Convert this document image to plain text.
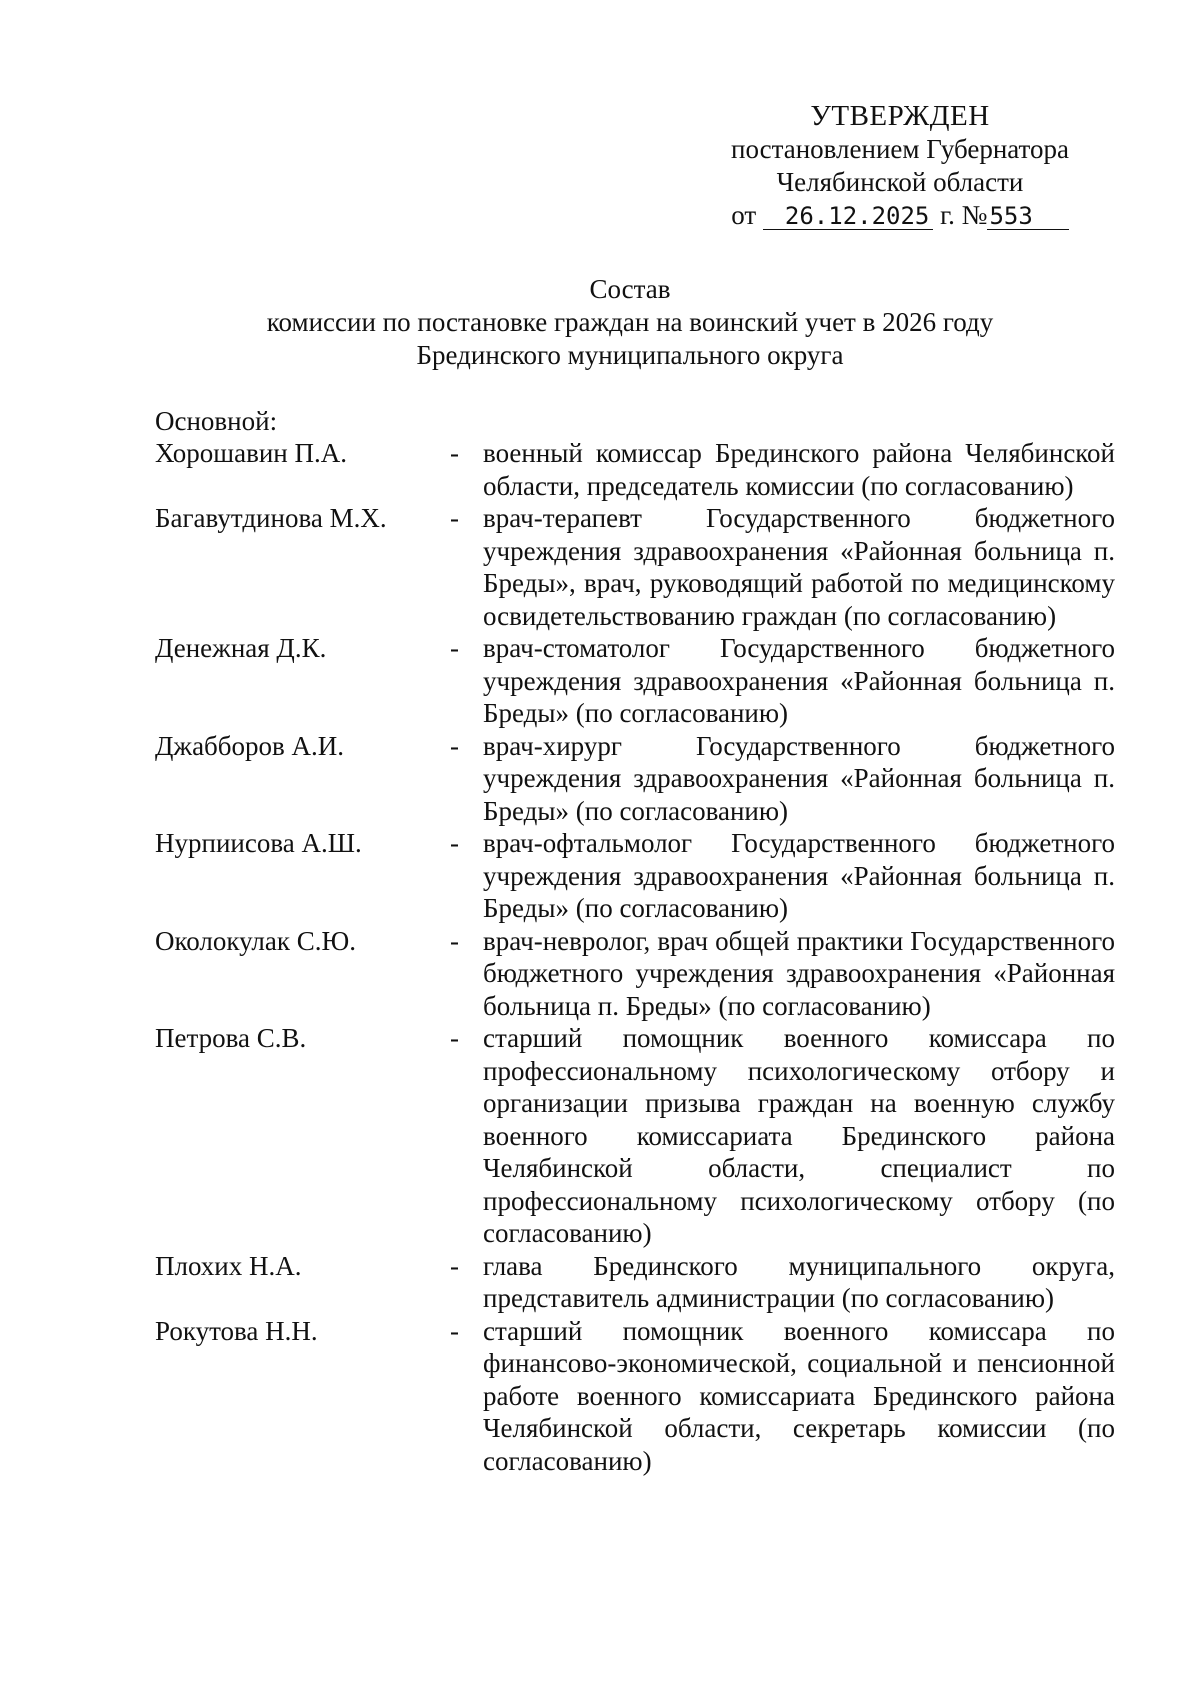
УТВЕРЖДЕН
постановлением Губернатора
Челябинской области
от 26.12.2025 г. №553
Состав
комиссии по постановке граждан на воинский учет в 2026 году
Брединского муниципального округа
Основной:
Хорошавин П.А.	- военный комиссар Брединского района Челябинской области, председатель комиссии (по согласованию)
Багавутдинова М.Х.	- врач-терапевт Государственного бюджетного учреждения здравоохранения «Районная больница п. Бреды», врач, руководящий работой по медицинскому освидетельствованию граждан (по согласованию)
Денежная Д.К.	- врач-стоматолог Государственного бюджетного учреждения здравоохранения «Районная больница п. Бреды» (по согласованию)
Джабборов А.И.	- врач-хирург Государственного бюджетного учреждения здравоохранения «Районная больница п. Бреды» (по согласованию)
Нурпиисова А.Ш.	- врач-офтальмолог Государственного бюджетного учреждения здравоохранения «Районная больница п. Бреды» (по согласованию)
Околокулак С.Ю.	- врач-невролог, врач общей практики Государственного бюджетного учреждения здравоохранения «Районная больница п. Бреды» (по согласованию)
Петрова С.В.	- старший помощник военного комиссара по профессиональному психологическому отбору и организации призыва граждан на военную службу военного комиссариата Брединского района Челябинской области, специалист по профессиональному психологическому отбору (по согласованию)
Плохих Н.А.	- глава Брединского муниципального округа, представитель администрации (по согласованию)
Рокутова Н.Н.	- старший помощник военного комиссара по финансово-экономической, социальной и пенсионной работе военного комиссариата Брединского района Челябинской области, секретарь комиссии (по согласованию)
